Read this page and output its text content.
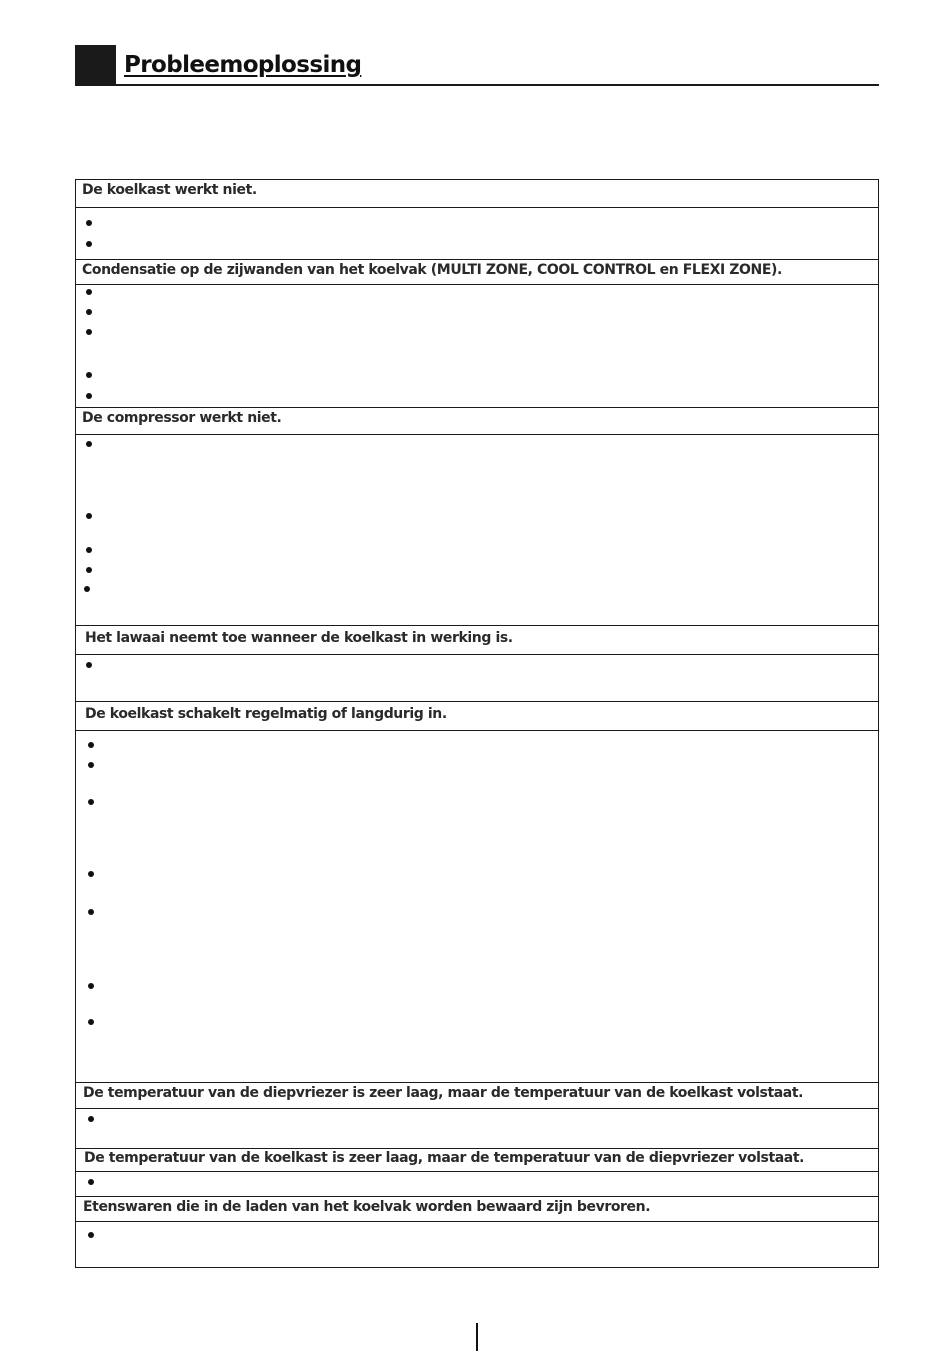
Probleemoplossing
De koelkast werkt niet.
Condensatie op de zijwanden van het koelvak (MULTI ZONE, COOL CONTROL en FLEXI ZONE).
De compressor werkt niet.
Het lawaai neemt toe wanneer de koelkast in werking is.
De koelkast schakelt regelmatig of langdurig in.
De temperatuur van de diepvriezer is zeer laag, maar de temperatuur van de koelkast volstaat.
De temperatuur van de koelkast is zeer laag, maar de temperatuur van de diepvriezer volstaat.
Etenswaren die in de laden van het koelvak worden bewaard zijn bevroren.
